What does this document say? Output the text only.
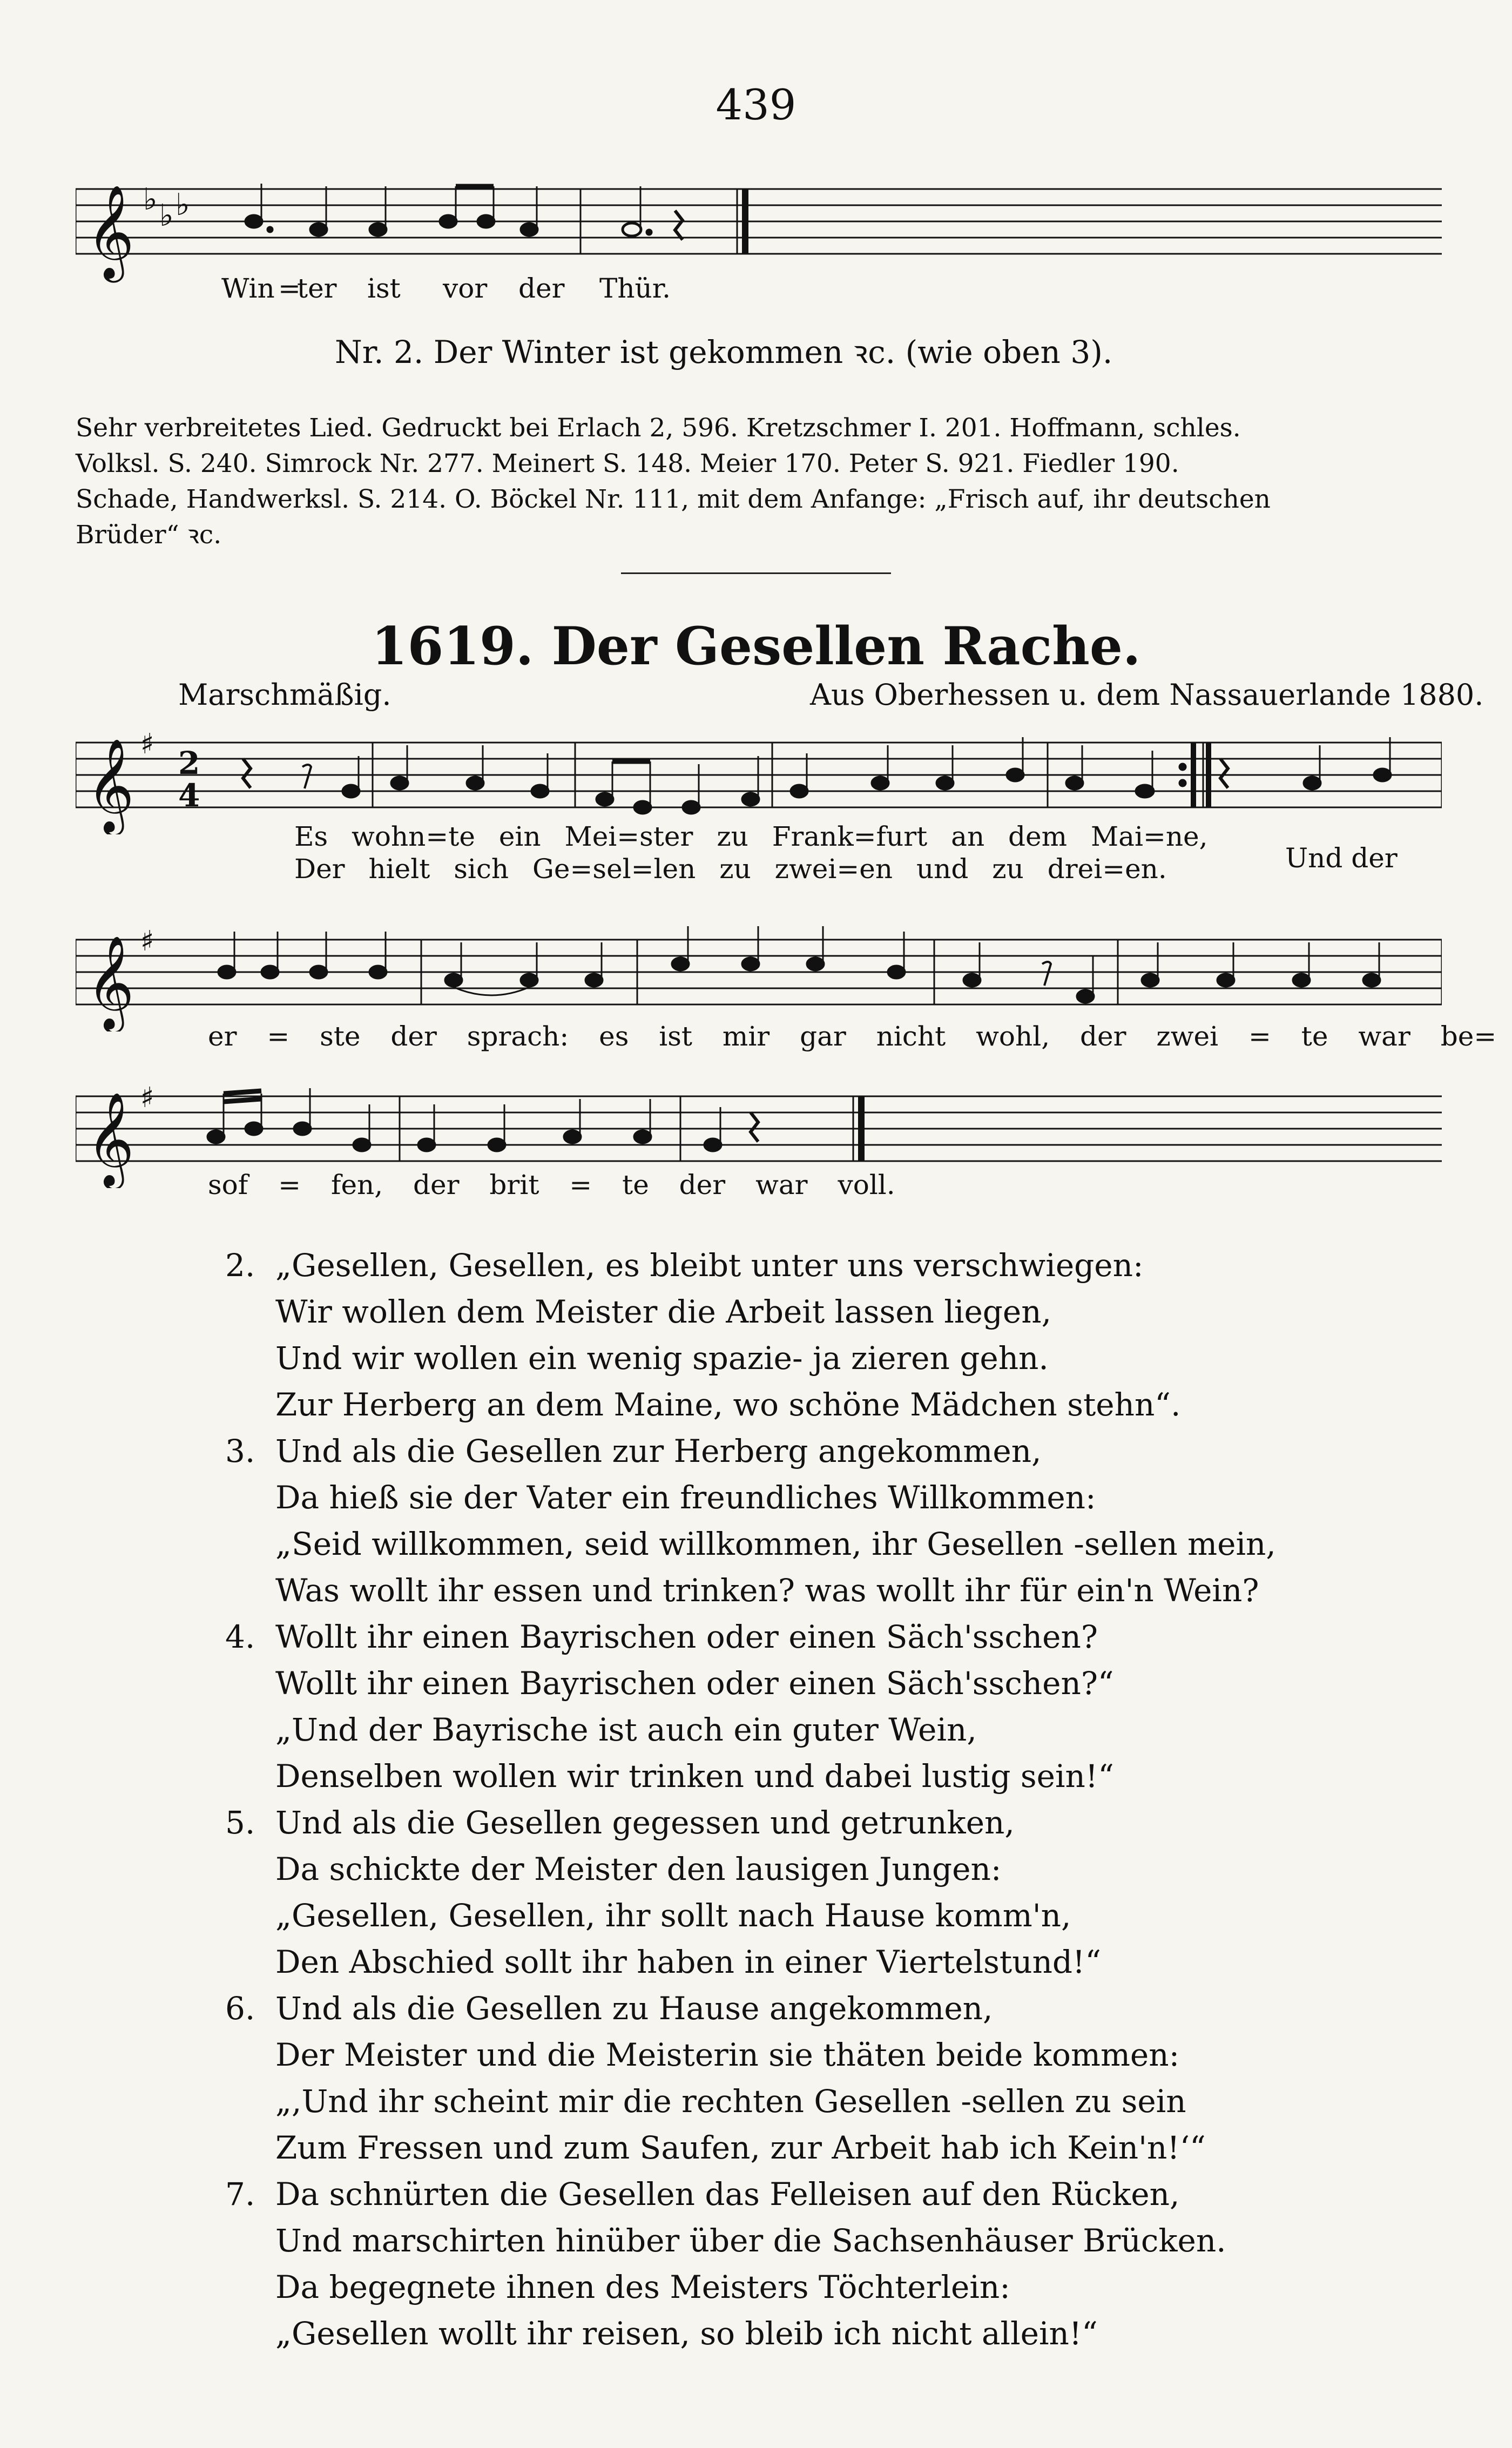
439
𝄞 ♭ ♭ ♭
Win =
ter ist vor der Thür.
Nr. 2. Der Winter ist gekommen ꝛc. (wie oben 3).
Sehr verbreitetes Lied. Gedruckt bei Erlach 2, 596. Kretzschmer I. 201. Hoffmann, schles.
Volksl. S. 240. Simrock Nr. 277. Meinert S. 148. Meier 170. Peter S. 921. Fiedler 190.
Schade, Handwerksl. S. 214. O. Böckel Nr. 111, mit dem Anfange: „Frisch auf, ihr deutschen
Brüder“ ꝛc.
1619. Der Gesellen Rache.
Marschmäßig.	Aus Oberhessen u. dem Nassauerlande 1880.
𝄞 ♯
2
4
Es wohn=te ein Mei=ster zu Frank=furt an dem Mai=ne,
Der hielt sich Ge=sel=len zu zwei=en und zu drei=en.	Und der
𝄞 ♯
er = ste der sprach: es ist mir gar nicht wohl, der zwei = te war be=
𝄞 ♯
sof = fen, der brit = te der war voll.
2. „Gesellen, Gesellen, es bleibt unter uns verschwiegen:
Wir wollen dem Meister die Arbeit lassen liegen,
Und wir wollen ein wenig spazie- ja zieren gehn.
Zur Herberg an dem Maine, wo schöne Mädchen stehn“.
3. Und als die Gesellen zur Herberg angekommen,
Da hieß sie der Vater ein freundliches Willkommen:
„Seid willkommen, seid willkommen, ihr Gesellen -sellen mein,
Was wollt ihr essen und trinken? was wollt ihr für ein'n Wein?
4. Wollt ihr einen Bayrischen oder einen Säch'sschen?
Wollt ihr einen Bayrischen oder einen Säch'sschen?“
„Und der Bayrische ist auch ein guter Wein,
Denselben wollen wir trinken und dabei lustig sein!“
5. Und als die Gesellen gegessen und getrunken,
Da schickte der Meister den lausigen Jungen:
„Gesellen, Gesellen, ihr sollt nach Hause komm'n,
Den Abschied sollt ihr haben in einer Viertelstund!“
6. Und als die Gesellen zu Hause angekommen,
Der Meister und die Meisterin sie thäten beide kommen:
„,Und ihr scheint mir die rechten Gesellen -sellen zu sein
Zum Fressen und zum Saufen, zur Arbeit hab ich Kein'n!‘“
7. Da schnürten die Gesellen das Felleisen auf den Rücken,
Und marschirten hinüber über die Sachsenhäuser Brücken.
Da begegnete ihnen des Meisters Töchterlein:
„Gesellen wollt ihr reisen, so bleib ich nicht allein!“
